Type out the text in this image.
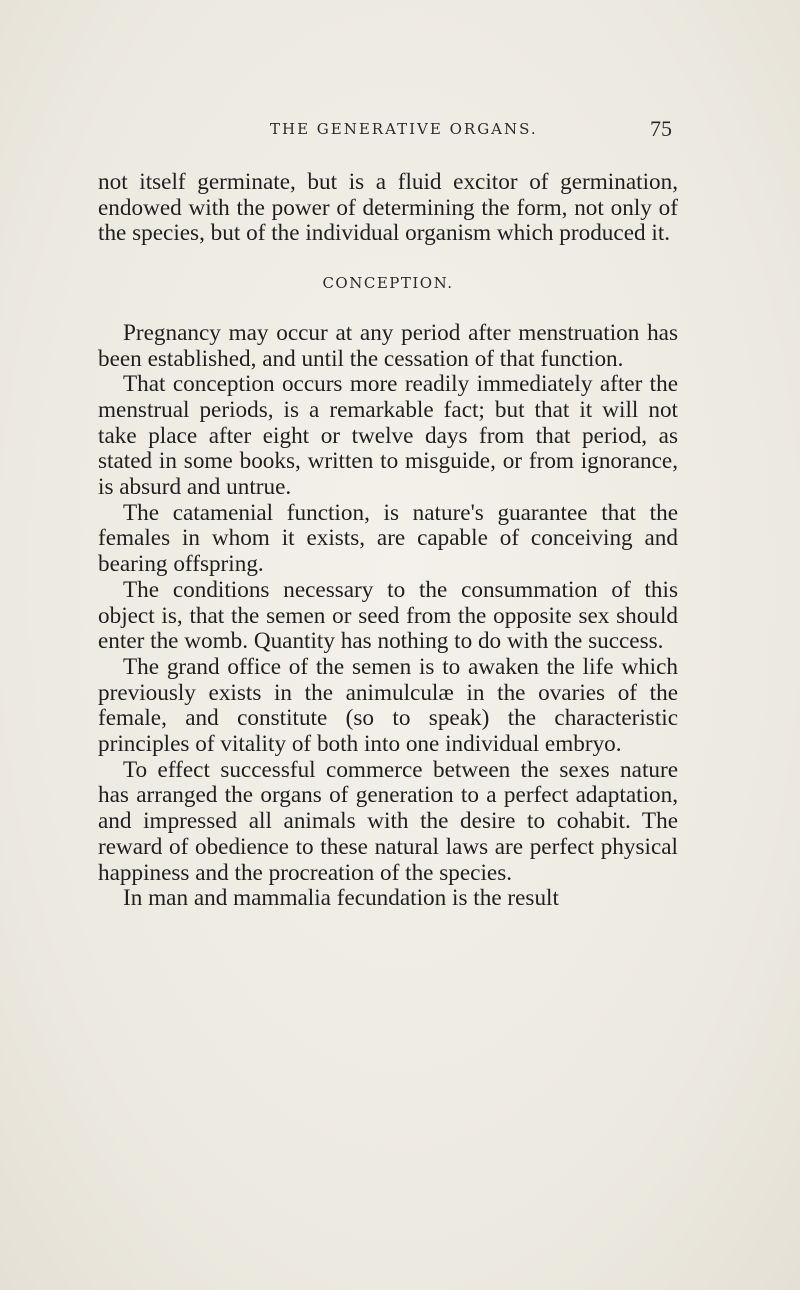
THE GENERATIVE ORGANS.	75

not itself germinate, but is a fluid excitor of germination, endowed with the power of determining the form, not only of the species, but of the individual organism which produced it.

CONCEPTION.

Pregnancy may occur at any period after menstruation has been established, and until the cessation of that function.

That conception occurs more readily immediately after the menstrual periods, is a remarkable fact; but that it will not take place after eight or twelve days from that period, as stated in some books, written to misguide, or from ignorance, is absurd and untrue.

The catamenial function, is nature's guarantee that the females in whom it exists, are capable of conceiving and bearing offspring.

The conditions necessary to the consummation of this object is, that the semen or seed from the opposite sex should enter the womb. Quantity has nothing to do with the success.

The grand office of the semen is to awaken the life which previously exists in the animulculæ in the ovaries of the female, and constitute (so to speak) the characteristic principles of vitality of both into one individual embryo.

To effect successful commerce between the sexes nature has arranged the organs of generation to a perfect adaptation, and impressed all animals with the desire to cohabit. The reward of obedience to these natural laws are perfect physical happiness and the procreation of the species.

In man and mammalia fecundation is the result
